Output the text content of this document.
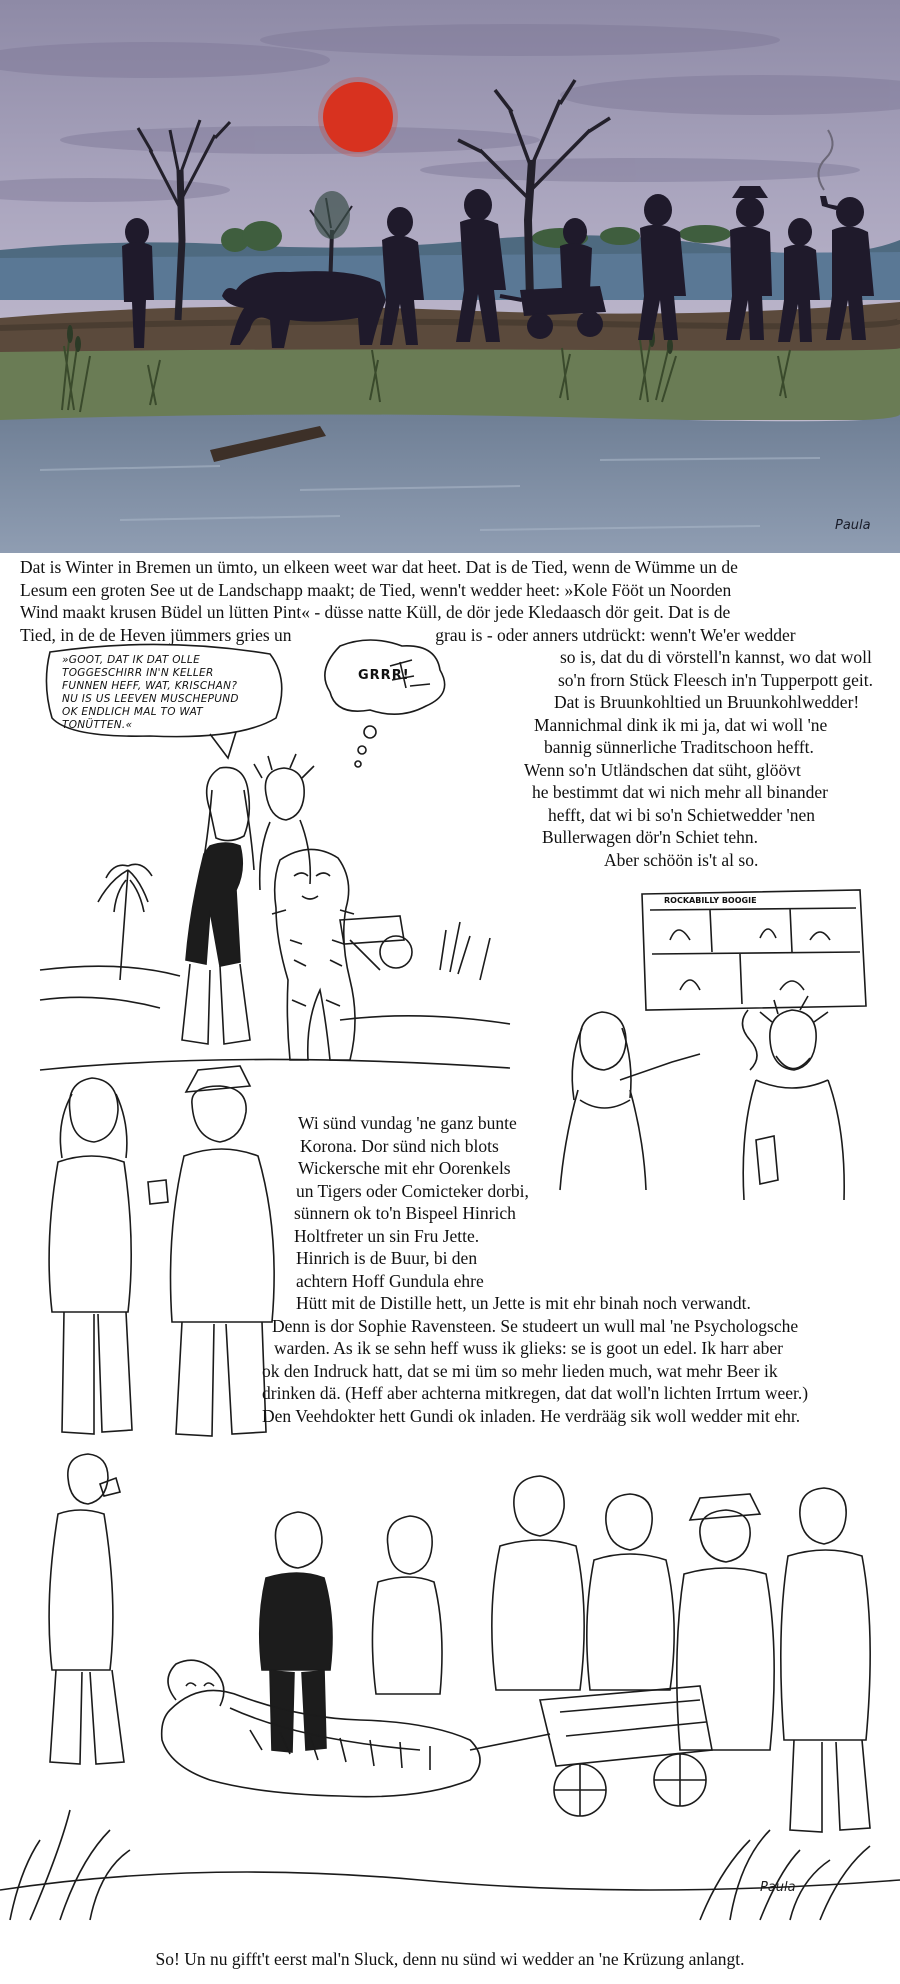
Paula

Dat is Winter in Bremen un ümto, un elkeen weet war dat heet. Dat is de Tied, wenn de Wümme un de

Lesum een groten See ut de Landschapp maakt; de Tied, wenn't wedder heet: »Kole Fööt un Noorden

Wind maakt krusen Büdel un lütten Pint« - düsse natte Küll, de dör jede Kledaasch dör geit. Dat is de

Tied, in de de Heven jümmers gries un	grau is - oder anners utdrückt: wenn't We'er wedder

so is, dat du di vörstell'n kannst, wo dat woll

so'n frorn Stück Fleesch in'n Tupperpott geit.

Dat is Bruunkohltied un Bruunkohlwedder!

Mannichmal dink ik mi ja, dat wi woll 'ne

bannig sünnerliche Traditschoon hefft.

Wenn so'n Utländschen dat süht, glöövt

he bestimmt dat wi nich mehr all binander

hefft, dat wi bi so'n Schietwedder 'nen

Bullerwagen dör'n Schiet tehn.

Aber schöön is't al so.

»GOOT, DAT IK DAT OLLE
TOGGESCHIRR IN'N KELLER
FUNNEN HEFF, WAT, KRISCHAN?
NU IS US LEEVEN MUSCHEPUND
OK ENDLICH MAL TO WAT
TONÜTTEN.«
GRRR!
ROCKABILLY BOOGIE

Wi sünd vundag 'ne ganz bunte

Korona. Dor sünd nich blots

Wickersche mit ehr Oorenkels

un Tigers oder Comicteker dorbi,

sünnern ok to'n Bispeel Hinrich

Holtfreter un sin Fru Jette.

Hinrich is de Buur, bi den

achtern Hoff Gundula ehre

Hütt mit de Distille hett, un Jette is mit ehr binah noch verwandt.

Denn is dor Sophie Ravensteen. Se studeert un wull mal 'ne Psychologsche

warden. As ik se sehn heff wuss ik glieks: se is goot un edel. Ik harr aber

ok den Indruck hatt, dat se mi üm so mehr lieden much, wat mehr Beer ik

drinken dä. (Heff aber achterna mitkregen, dat dat woll'n lichten Irrtum weer.)

Den Veehdokter hett Gundi ok inladen. He verdrääg sik woll wedder mit ehr.

Paula

So! Un nu gifft't eerst mal'n Sluck, denn nu sünd wi wedder an 'ne Krüzung anlangt.
